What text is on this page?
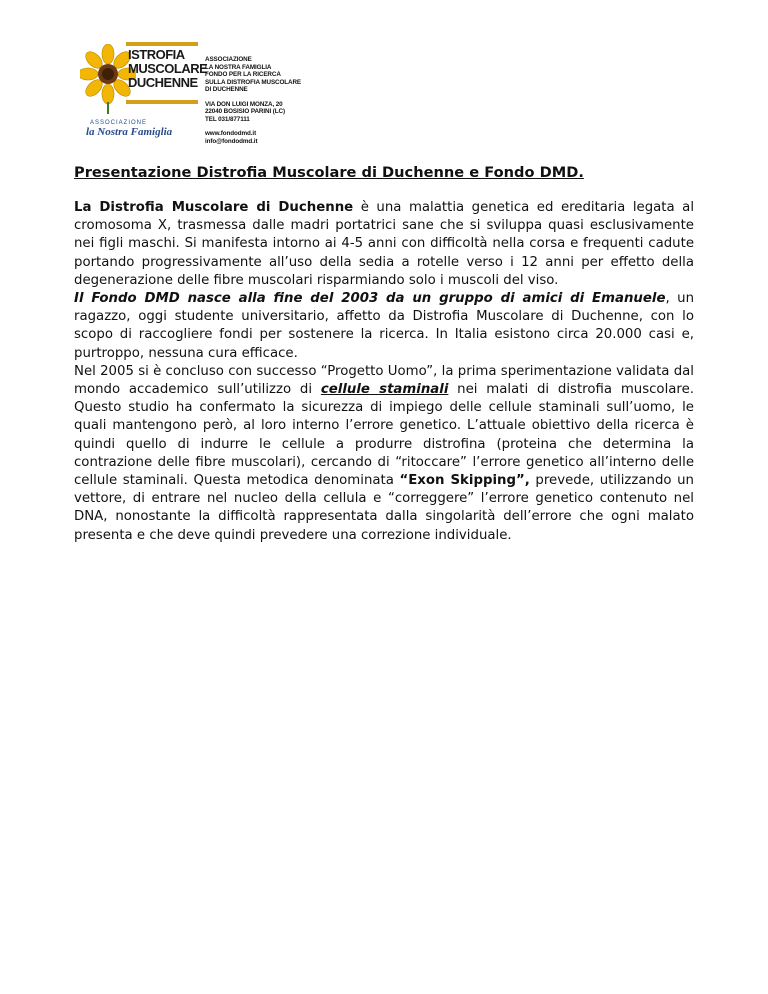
ISTROFIA
MUSCOLARE
DUCHENNE
ASSOCIAZIONE
la Nostra Famiglia
ASSOCIAZIONE
LA NOSTRA FAMIGLIA
FONDO PER LA RICERCA
SULLA DISTROFIA MUSCOLARE
DI DUCHENNE
VIA DON LUIGI MONZA, 20
22040 BOSISIO PARINI (LC)
TEL 031/877111
www.fondodmd.it
info@fondodmd.it
Presentazione Distrofia Muscolare di Duchenne e Fondo DMD.

La Distrofia Muscolare di Duchenne è una malattia genetica ed ereditaria legata al cromosoma X, trasmessa dalle madri portatrici sane che si sviluppa quasi esclusivamente nei figli maschi. Si manifesta intorno ai 4-5 anni con difficoltà nella corsa e frequenti cadute portando progressivamente all’uso della sedia a rotelle verso i 12 anni per effetto della degenerazione delle fibre muscolari risparmiando solo i muscoli del viso.

Il Fondo DMD nasce alla fine del 2003 da un gruppo di amici di Emanuele, un ragazzo, oggi studente universitario, affetto da Distrofia Muscolare di Duchenne, con lo scopo di raccogliere fondi per sostenere la ricerca. In Italia esistono circa 20.000 casi e, purtroppo, nessuna cura efficace.

Nel 2005 si è concluso con successo “Progetto Uomo”, la prima sperimentazione validata dal mondo accademico sull’utilizzo di cellule staminali nei malati di distrofia muscolare. Questo studio ha confermato la sicurezza di impiego delle cellule staminali sull’uomo, le quali mantengono però, al loro interno l’errore genetico. L’attuale obiettivo della ricerca è quindi quello di indurre le cellule a produrre distrofina (proteina che determina la contrazione delle fibre muscolari), cercando di “ritoccare” l’errore genetico all’interno delle cellule staminali. Questa metodica denominata “Exon Skipping”, prevede, utilizzando un vettore, di entrare nel nucleo della cellula e “correggere” l’errore genetico contenuto nel DNA, nonostante la difficoltà rappresentata dalla singolarità dell’errore che ogni malato presenta e che deve quindi prevedere una correzione individuale.
